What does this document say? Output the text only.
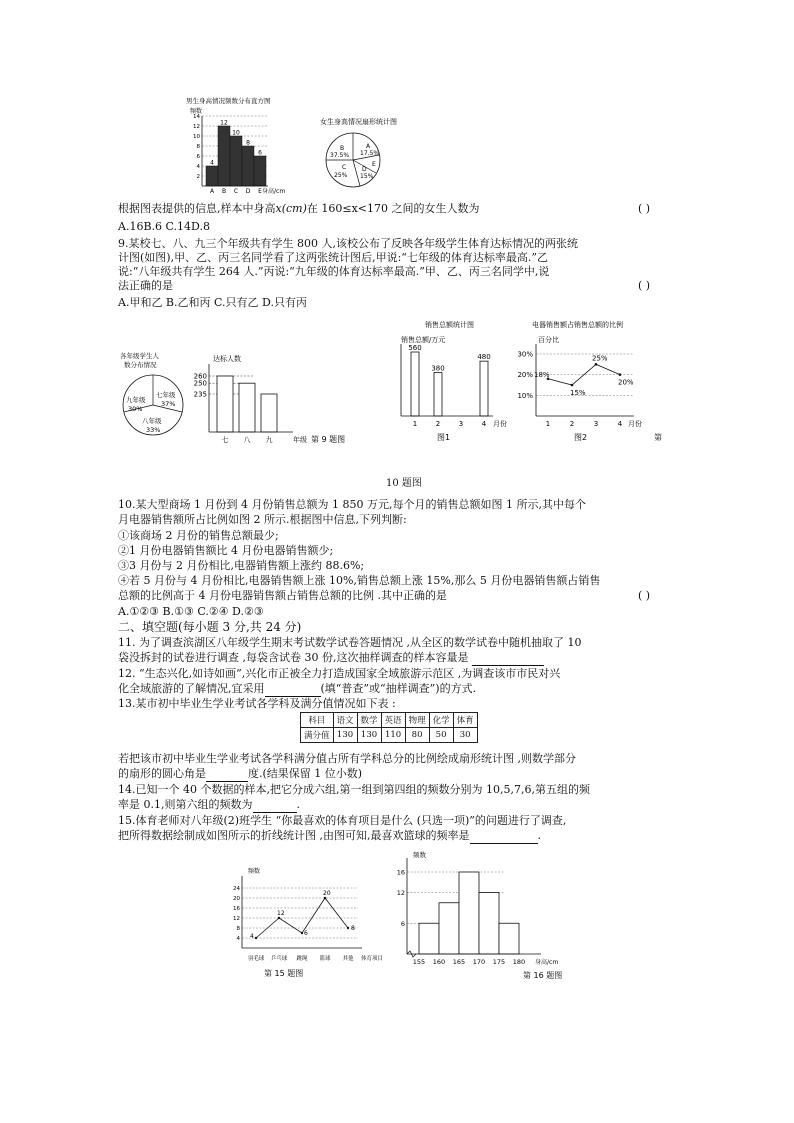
男生身高情况频数分布直方图
频数
4
12
10
8
6
14
12
10
8
6
4
2
A B C D E 身高/cm
女生身高情况扇形统计图
B
37.5%
A
17.5%
E
D
15%
C
25%
根据图表提供的信息,样本中身高x(cm)在 160≤x<170 之间的女生人数为	( )
A.16B.6 C.14D.8
9.某校七、八、九三个年级共有学生 800 人,该校公布了反映各年级学生体育达标情况的两张统
计图(如图),甲、乙、丙三名同学看了这两张统计图后,甲说:“七年级的体育达标率最高.”乙
说:“八年级共有学生 264 人.”丙说:“九年级的体育达标率最高.”甲、乙、丙三名同学中,说
法正确的是	( )
A.甲和乙 B.乙和丙 C.只有乙 D.只有丙
各年级学生人
数分布情况
七年级
37%
八年级
33%
九年级
30%
达标人数
260
250
235
七 八 九	年级 第 9 题图
销售总额统计图
销售总额/万元
560
380
480
1	2	3	4 月份
图1
电器销售额占销售总额的比例
百分比
18%
15%
25%
20%
30%
20%
10%
1	2	3	4 月份
图2	第
10 题图
10.某大型商场 1 月份到 4 月份销售总额为 1 850 万元,每个月的销售总额如图 1 所示,其中每个
月电器销售额所占比例如图 2 所示.根据图中信息,下列判断:
①该商场 2 月份的销售总额最少;
②1 月份电器销售额比 4 月份电器销售额少;
③3 月份与 2 月份相比,电器销售额上涨约 88.6%;
④若 5 月份与 4 月份相比,电器销售额上涨 10%,销售总额上涨 15%,那么 5 月份电器销售额占销售
总额的比例高于 4 月份电器销售额占销售总额的比例 .其中正确的是	( )
A.①②③ B.①③ C.②④ D.②③
二、填空题(每小题 3 分,共 24 分)
11. 为了调查滨湖区八年级学生期末考试数学试卷答题情况 ,从全区的数学试卷中随机抽取了 10
袋没拆封的试卷进行调查 ,每袋含试卷 30 份,这次抽样调查的样本容量是
12. “生态兴化,如诗如画”,兴化市正被全力打造成国家全域旅游示范区 ,为调查该市市民对兴
化全域旅游的了解情况,宜采用	(填“普查”或“抽样调查”)的方式.
13.某市初中毕业生学业考试各学科及满分值情况如下表 :
科目	语文	数学	英语	物理	化学	体育
满分值	130	130	110	80	50	30
若把该市初中毕业生学业考试各学科满分值占所有学科总分的比例绘成扇形统计图 ,则数学部分
的扇形的圆心角是	度.(结果保留 1 位小数)
14.已知一个 40 个数据的样本,把它分成六组,第一组到第四组的频数分别为 10,5,7,6,第五组的频
率是 0.1,则第六组的频数为	.
15.体育老师对八年级(2)班学生 “你最喜欢的体育项目是什么 (只选一项)”的问题进行了调查,
把所得数据绘制成如图所示的折线统计图 ,由图可知,最喜欢篮球的频率是	.
频数
4
12
6
20
8
24
20
16
12
8
4
羽毛球 乒乓球 跳绳 篮球 其他 体育项目
第 15 题图
频数
16
12
6
155 160 165 170 175 180 身高/cm
第 16 题图
